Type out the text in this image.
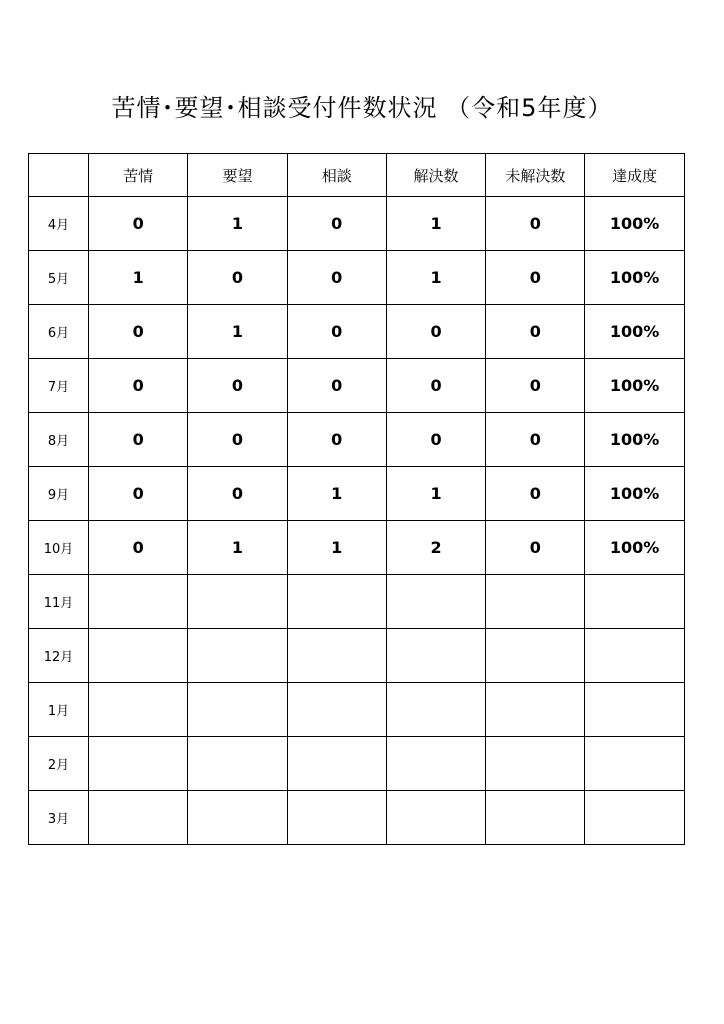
苦情･要望･相談受付件数状況 （令和5年度）
	苦情	要望	相談	解決数	未解決数	達成度
4月	0	1	0	1	0	100%
5月	1	0	0	1	0	100%
6月	0	1	0	0	0	100%
7月	0	0	0	0	0	100%
8月	0	0	0	0	0	100%
9月	0	0	1	1	0	100%
10月	0	1	1	2	0	100%
11月						
12月						
1月						
2月						
3月						
